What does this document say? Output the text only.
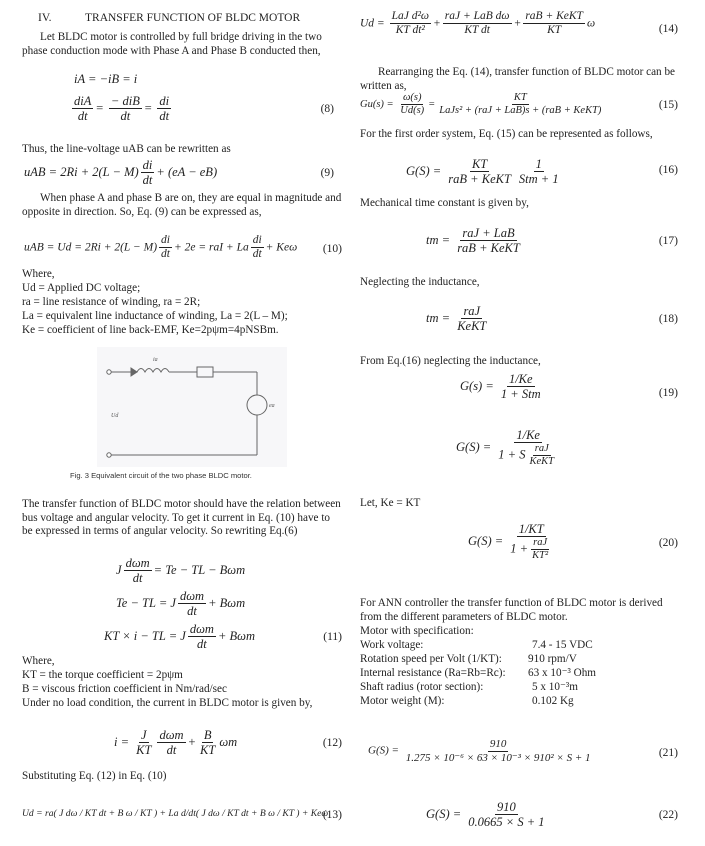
IV.	TRANSFER FUNCTION OF BLDC MOTOR

Let BLDC motor is controlled by full bridge driving in the two phase conduction mode with Phase A and Phase B conducted then,

iA = −iB = i
$\frac{\text{diA}}{dt} = \frac{\text{− diB}}{dt} = \frac{di}{dt}$	(8)

Thus, the line-voltage uAB can be rewritten as

uAB = $2Ri + 2(L - M) \frac{di}{dt} + (eA - eB)$	(9)

When phase A and phase B are on, they are equal in magnitude and opposite in direction. So, Eq. (9) can be expressed as,

uAB = $Ud = 2Ri + 2(L - M) \frac{di}{dt} + 2e$ = raI + La $\frac{di}{dt} + Ke\omega$ (10)

Where,

Ud = Applied DC voltage;

ra = line resistance of winding, ra = 2R;

La = equivalent line inductance of winding, La = 2(L – M);

Ke = coefficient of line back-EMF, Ke=2pψm=4pNSBm.

ia
Ud
ea
Fig. 3 Equivalent circuit of the two phase BLDC motor.

The transfer function of BLDC motor should have the relation between bus voltage and angular velocity. To get it current in Eq. (10) have to be expressed in terms of angular velocity. So rewriting Eq.(6)

J $\frac{\text{dωm}}{dt} = Te$ − TL − Bωm
Te − TL = J $\frac{\text{dωm}}{dt} + B\omega m$
KT × i − TL = J $\frac{\text{dωm}}{dt} + B\omega m$	(11)

Where,

KT = the torque coefficient = 2pψm

B = viscous friction coefficient in Nm/rad/sec

Under no load condition, the current in BLDC motor is given by,

$i = \frac{J}{KT} \frac{\text{dωm}}{dt} + \frac{B}{KT}$ ωm	(12)

Substituting Eq. (12) in Eq. (10)

Ud = ra( J dω / KT dt + B ω / KT ) + La d/dt( J dω / KT dt + B ω / KT ) + Keω
(13)
$Ud = \frac{\text{LaJ d²ω}}{\text{KT dt²}} + \frac{\text{raJ + LaB dω}}{\text{KT dt}} + \frac{\text{raB + KeKT}}{KT}$ ω	(14)

Rearranging the Eq. (14), transfer function of BLDC motor can be written as,

$Gu(s) = \frac{\omega(s)}{Ud(s)} = \frac{KT}{\text{LaJs² + (raJ + LaB)s + (raB + KeKT)}}$	(15)

For the first order system, Eq. (15) can be represented as follows,

$G(S) = \frac{KT}{\text{raB + KeKT}} \frac{1}{\text{Stm + 1}}$	(16)

Mechanical time constant is given by,

tm = $\frac{\text{raJ + LaB}}{\text{raB + KeKT}}$	(17)

Neglecting the inductance,

tm = $\frac{\text{raJ}}{\text{KeKT}}$	(18)

From Eq.(16) neglecting the inductance,

$G(s) = \frac{1/Ke}{\text{1 + Stm}}$	(19)
$G(S) = \frac{1/Ke}{1 + S \frac{\text{raJ}}{\text{KeKT}}}$

Let, Ke = KT

$G(S) = \frac{1/KT}{1 + \frac{\text{raJ}}{\text{KT²}}}$	(20)

For ANN controller the transfer function of BLDC motor is derived from the different parameters of BLDC motor.

Motor with specification:

Work voltage:	7.4 - 15 VDC
Rotation speed per Volt (1/KT): 910 rpm/V
Internal resistance (Ra=Rb=Rc): 63 x 10⁻³ Ohm
Shaft radius (rotor section):	5 x 10⁻³m
Motor weight (M):	0.102 Kg
$G(S) = \frac{910}{\text{1.275 × 10⁻⁶ × 63 × 10⁻³ × 910² × S + 1}}$	(21)
$G(S) = \frac{910}{0.0665 \times S + 1}$	(22)
